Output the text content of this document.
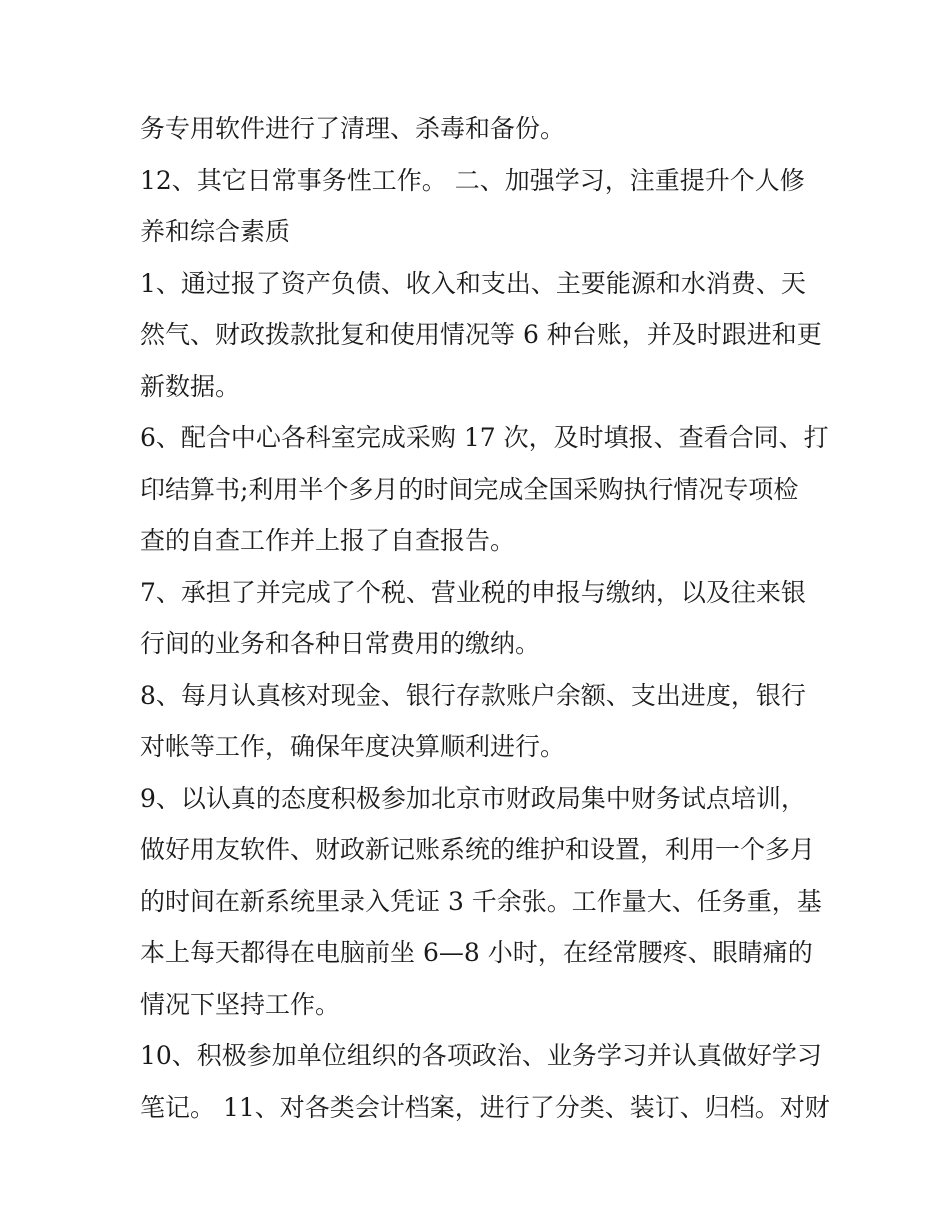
务专用软件进行了清理、杀毒和备份。

12、其它日常事务性工作。 二、加强学习，注重提升个人修
养和综合素质

1、通过报了资产负债、收入和支出、主要能源和水消费、天
然气、财政拨款批复和使用情况等 6 种台账，并及时跟进和更
新数据。

6、配合中心各科室完成采购 17 次，及时填报、查看合同、打
印结算书;利用半个多月的时间完成全国采购执行情况专项检
查的自查工作并上报了自查报告。

7、承担了并完成了个税、营业税的申报与缴纳，以及往来银
行间的业务和各种日常费用的缴纳。

8、每月认真核对现金、银行存款账户余额、支出进度，银行
对帐等工作，确保年度决算顺利进行。

9、以认真的态度积极参加北京市财政局集中财务试点培训，
做好用友软件、财政新记账系统的维护和设置，利用一个多月
的时间在新系统里录入凭证 3 千余张。工作量大、任务重，基
本上每天都得在电脑前坐 6—8 小时，在经常腰疼、眼睛痛的
情况下坚持工作。

10、积极参加单位组织的各项政治、业务学习并认真做好学习
笔记。 11、对各类会计档案，进行了分类、装订、归档。对财
